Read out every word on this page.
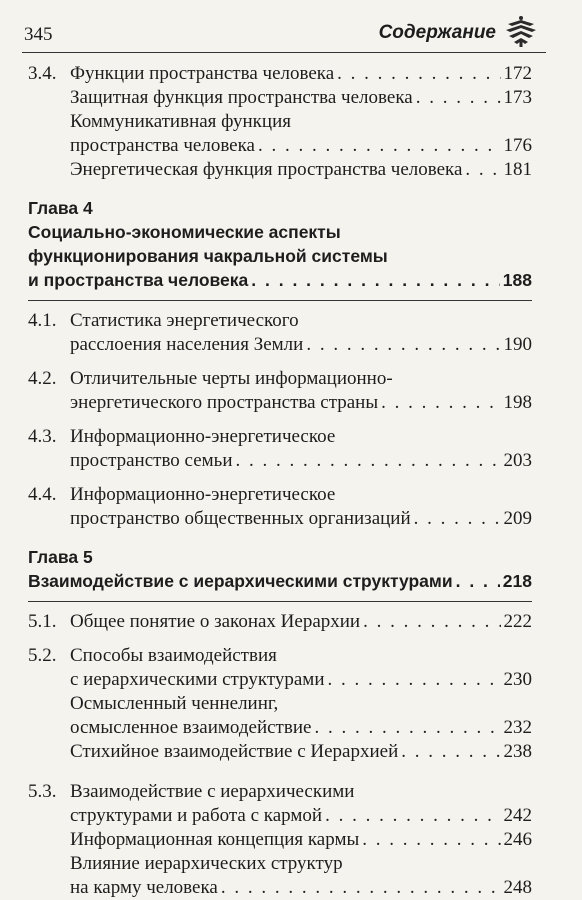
345	Содержание
3.4. Функции пространства человека . . .	172
Защитная функция пространства человека . . .	173
Коммуникативная функция
пространства человека . . .	176
Энергетическая функция пространства человека . . . 181
Глава 4
Социально-экономические аспекты
функционирования чакральной системы
и пространства человека . . .	188
4.1. Статистика энергетического
расслоения населения Земли . . .	190
4.2. Отличительные черты информационно-
энергетического пространства страны . . .	198
4.3. Информационно-энергетическое
пространство семьи . . .	203
4.4. Информационно-энергетическое
пространство общественных организаций . . .	209
Глава 5
Взаимодействие с иерархическими структурами . . .	218
5.1. Общее понятие о законах Иерархии . . .	222
5.2. Способы взаимодействия
с иерархическими структурами . . .	230
Осмысленный ченнелинг,
осмысленное взаимодействие . . .	232
Стихийное взаимодействие с Иерархией . . .	238
5.3. Взаимодействие с иерархическими
структурами и работа с кармой . . .	242
Информационная концепция кармы . . .	246
Влияние иерархических структур
на карму человека . . .	248
